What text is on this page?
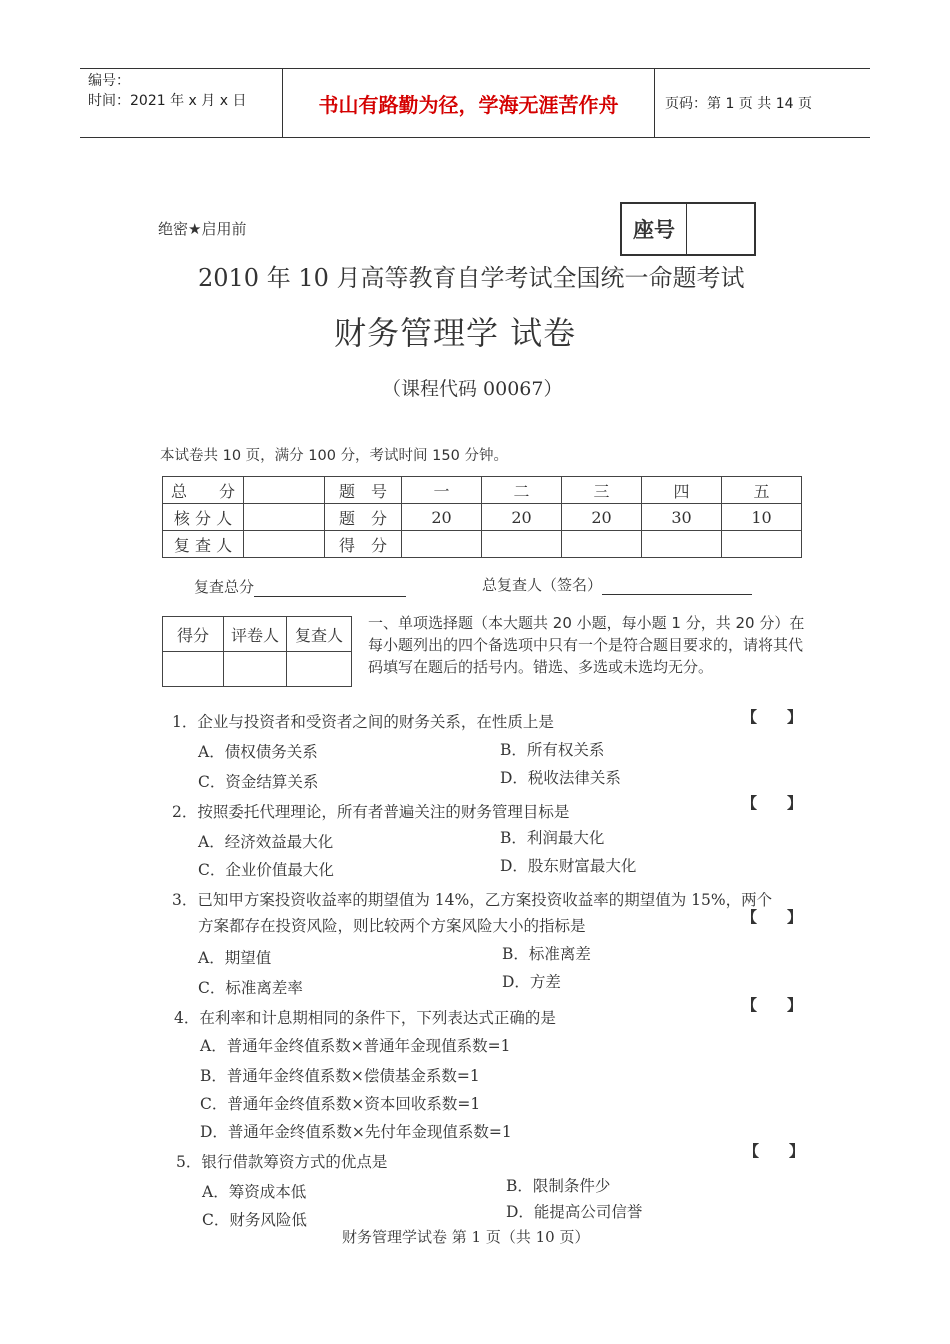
编号：
时间：2021 年 x 月 x 日	书山有路勤为径，学海无涯苦作舟	页码：第 1 页 共 14 页
绝密★启用前	座号
2010 年 10 月高等教育自学考试全国统一命题考试
财务管理学 试卷
（课程代码 00067）
本试卷共 10 页，满分 100 分，考试时间 150 分钟。
总　　分		题　号	一	二	三	四	五
核 分 人		题　分	20	20	20	30	10
复 查 人		得　分					
复查总分	总复查人（签名）
得分	评卷人	复查人

一、单项选择题（本大题共 20 小题，每小题 1 分，共 20 分）在每小题列出的四个备选项中只有一个是符合题目要求的，请将其代码填写在题后的括号内。错选、多选或未选均无分。
1．企业与投资者和受资者之间的财务关系，在性质上是	【　　】
A．债权债务关系	B．所有权关系
C．资金结算关系	D．税收法律关系
2．按照委托代理理论，所有者普遍关注的财务管理目标是	【　　】
A．经济效益最大化	B．利润最大化
C．企业价值最大化	D．股东财富最大化
3．已知甲方案投资收益率的期望值为 14%，乙方案投资收益率的期望值为 15%，两个
方案都存在投资风险，则比较两个方案风险大小的指标是	【　　】
A．期望值	B．标准离差
C．标准离差率	D．方差
4．在利率和计息期相同的条件下，下列表达式正确的是
【　　】
A．普通年金终值系数×普通年金现值系数=1
B．普通年金终值系数×偿债基金系数=1
C．普通年金终值系数×资本回收系数=1
D．普通年金终值系数×先付年金现值系数=1
5．银行借款筹资方式的优点是
【　　】
A．筹资成本低	B．限制条件少
C．财务风险低	D．能提高公司信誉
财务管理学试卷 第 1 页（共 10 页）
